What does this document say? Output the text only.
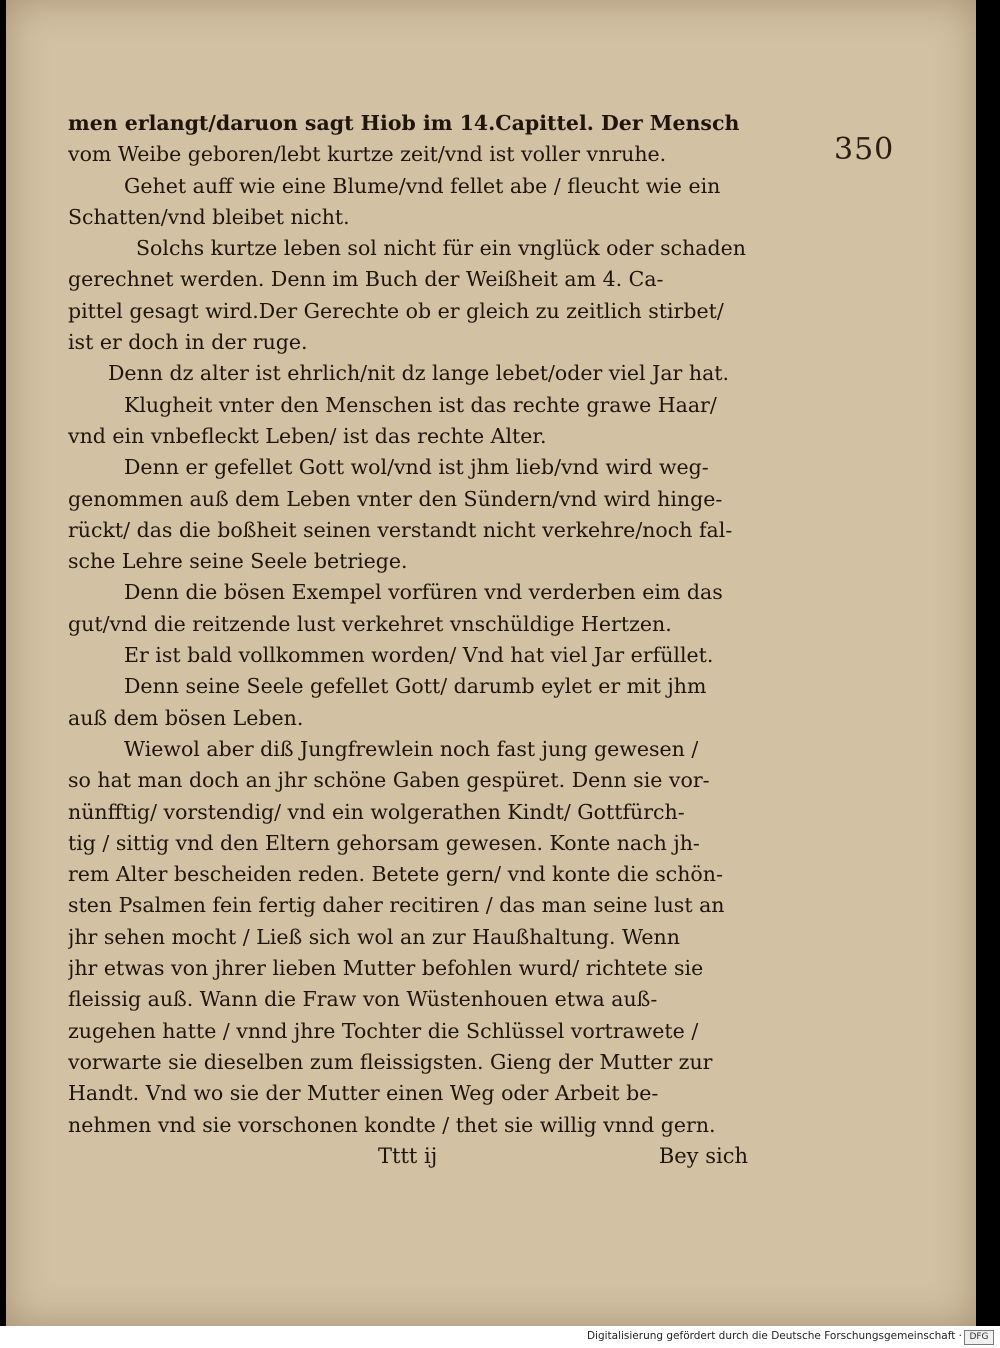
350
men erlangt/daruon sagt Hiob im 14.Capittel. Der Mensch
vom Weibe geboren/lebt kurtze zeit/vnd ist voller vnruhe.
Gehet auff wie eine Blume/vnd fellet abe / fleucht wie ein
Schatten/vnd bleibet nicht.
Solchs kurtze leben sol nicht für ein vnglück oder schaden
gerechnet werden. Denn im Buch der Weißheit am 4. Ca-
pittel gesagt wird.Der Gerechte ob er gleich zu zeitlich stirbet/
ist er doch in der ruge.
Denn dz alter ist ehrlich/nit dz lange lebet/oder viel Jar hat.
Klugheit vnter den Menschen ist das rechte grawe Haar/
vnd ein vnbefleckt Leben/ ist das rechte Alter.
Denn er gefellet Gott wol/vnd ist jhm lieb/vnd wird weg-
genommen auß dem Leben vnter den Sündern/vnd wird hinge-
rückt/ das die boßheit seinen verstandt nicht verkehre/noch fal-
sche Lehre seine Seele betriege.
Denn die bösen Exempel vorfüren vnd verderben eim das
gut/vnd die reitzende lust verkehret vnschüldige Hertzen.
Er ist bald vollkommen worden/ Vnd hat viel Jar erfüllet.
Denn seine Seele gefellet Gott/ darumb eylet er mit jhm
auß dem bösen Leben.
Wiewol aber diß Jungfrewlein noch fast jung gewesen /
so hat man doch an jhr schöne Gaben gespüret. Denn sie vor-
nünfftig/ vorstendig/ vnd ein wolgerathen Kindt/ Gottfürch-
tig / sittig vnd den Eltern gehorsam gewesen. Konte nach jh-
rem Alter bescheiden reden. Betete gern/ vnd konte die schön-
sten Psalmen fein fertig daher recitiren / das man seine lust an
jhr sehen mocht / Ließ sich wol an zur Haußhaltung. Wenn
jhr etwas von jhrer lieben Mutter befohlen wurd/ richtete sie
fleissig auß. Wann die Fraw von Wüstenhouen etwa auß-
zugehen hatte / vnnd jhre Tochter die Schlüssel vortrawete /
vorwarte sie dieselben zum fleissigsten. Gieng der Mutter zur
Handt. Vnd wo sie der Mutter einen Weg oder Arbeit be-
nehmen vnd sie vorschonen kondte / thet sie willig vnnd gern.
Tttt ij	Bey sich
Digitalisierung gefördert durch die Deutsche Forschungsgemeinschaft · DFG
